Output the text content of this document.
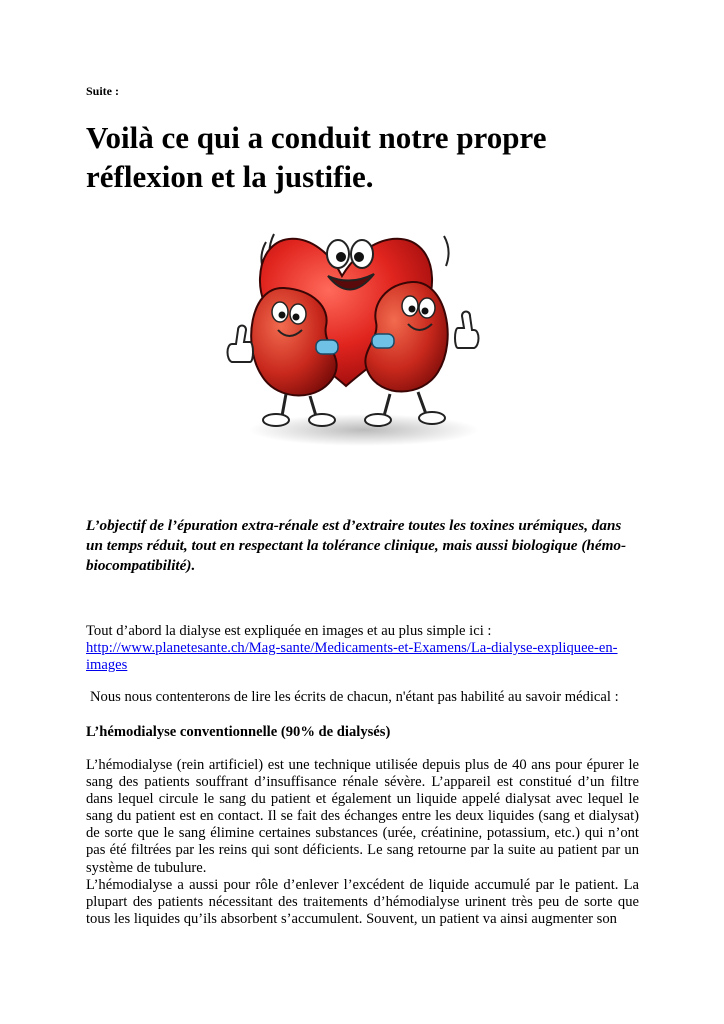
Suite :
Voilà ce qui a conduit notre propre réflexion et la justifie.

L’objectif de l’épuration extra-rénale est d’extraire toutes les toxines urémiques, dans un temps réduit, tout en respectant la tolérance clinique, mais aussi biologique (hémo-biocompatibilité).

Tout d’abord la dialyse est expliquée en images et au plus simple ici : http://www.planetesante.ch/Mag-sante/Medicaments-et-Examens/La-dialyse-expliquee-en-images

Nous nous contenterons de lire les écrits de chacun, n'étant pas habilité au savoir médical :

L’hémodialyse conventionnelle (90% de dialysés)

L’hémodialyse (rein artificiel) est une technique utilisée depuis plus de 40 ans pour épurer le sang des patients souffrant d’insuffisance rénale sévère. L’appareil est constitué d’un filtre dans lequel circule le sang du patient et également un liquide appelé dialysat avec lequel le sang du patient est en contact. Il se fait des échanges entre les deux liquides (sang et dialysat) de sorte que le sang élimine certaines substances (urée, créatinine, potassium, etc.) qui n’ont pas été filtrées par les reins qui sont déficients. Le sang retourne par la suite au patient par un système de tubulure.

L’hémodialyse a aussi pour rôle d’enlever l’excédent de liquide accumulé par le patient. La plupart des patients nécessitant des traitements d’hémodialyse urinent très peu de sorte que tous les liquides qu’ils absorbent s’accumulent. Souvent, un patient va ainsi augmenter son
